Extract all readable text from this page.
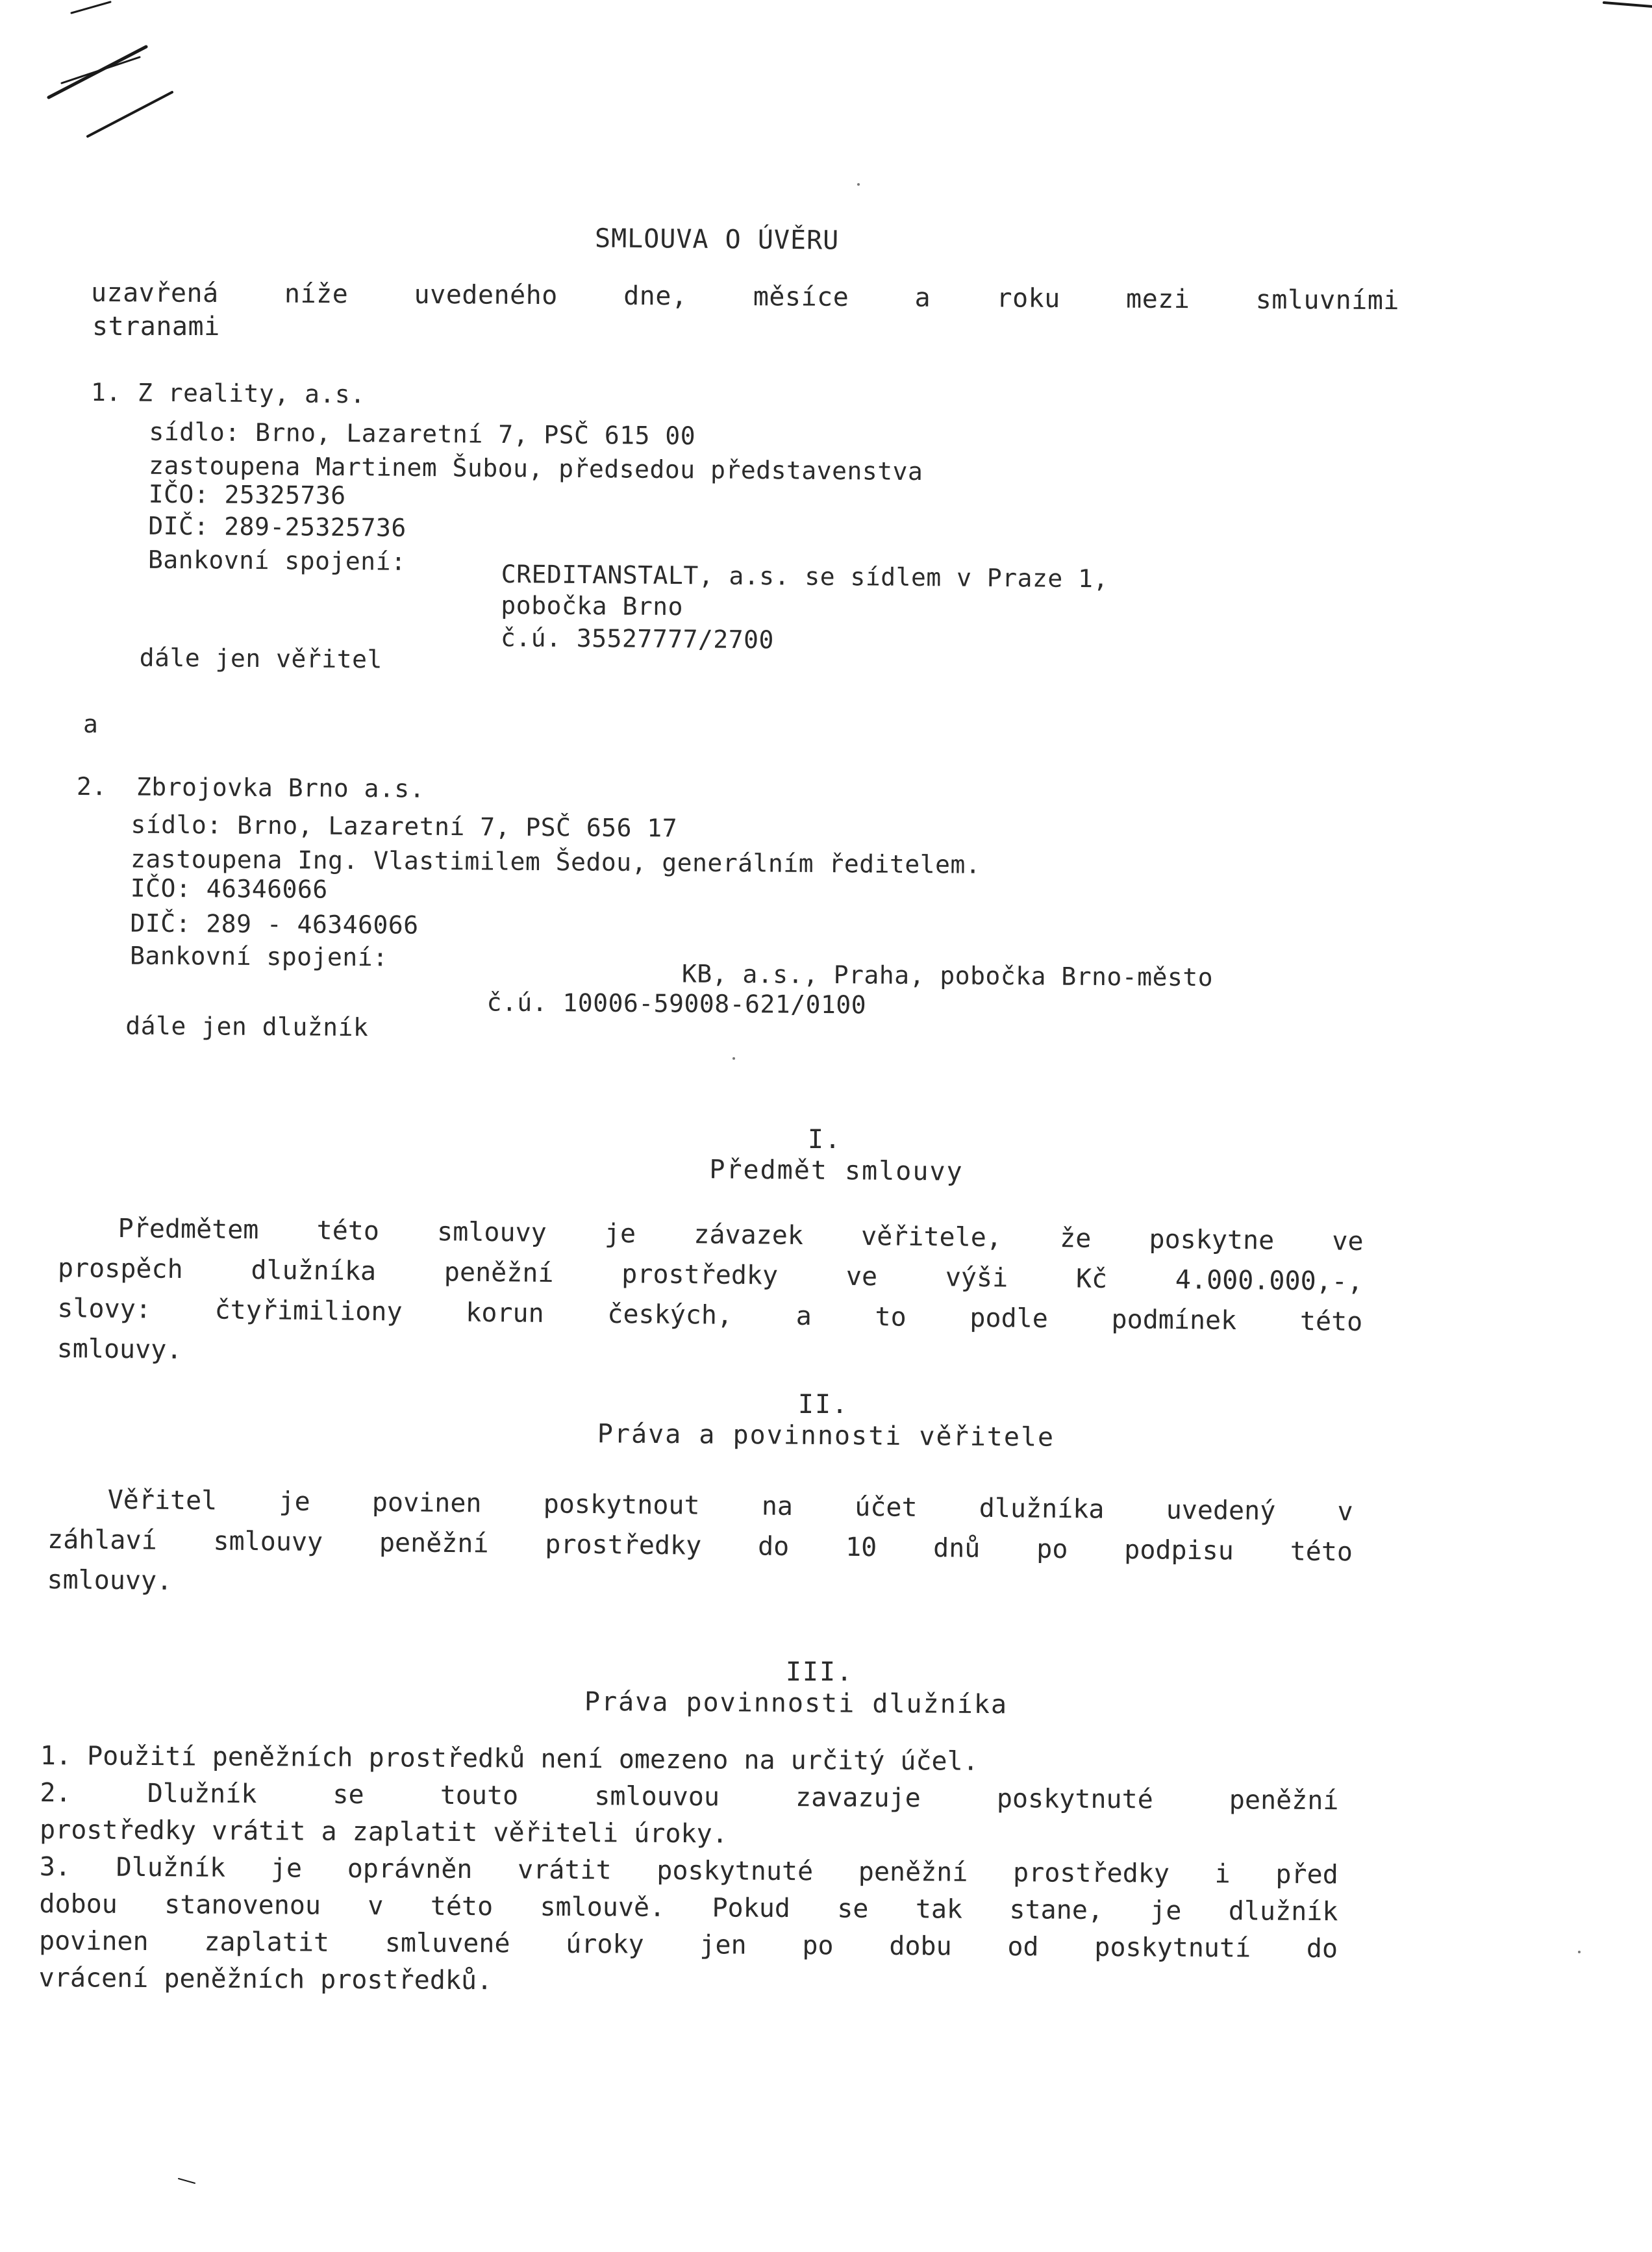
SMLOUVA O ÚVĚRU
uzavřená níže uvedeného dne, měsíce a roku mezi smluvními
stranami
1. Z reality, a.s.
sídlo: Brno, Lazaretní 7, PSČ 615 00
zastoupena Martinem Šubou, předsedou představenstva
IČO: 25325736
DIČ: 289-25325736
Bankovní spojení:	CREDITANSTALT, a.s. se sídlem v Praze 1,
pobočka Brno
č.ú. 35527777/2700
dále jen věřitel
a
2. Zbrojovka Brno a.s.
sídlo: Brno, Lazaretní 7, PSČ 656 17
zastoupena Ing. Vlastimilem Šedou, generálním ředitelem.
IČO: 46346066
DIČ: 289 - 46346066
Bankovní spojení:
KB, a.s., Praha, pobočka Brno-město
č.ú. 10006-59008-621/0100
dále jen dlužník
I.
Předmět smlouvy
Předmětem této smlouvy je závazek věřitele, že poskytne ve
prospěch dlužníka peněžní prostředky ve výši Kč 4.000.000,-,
slovy: čtyřimiliony korun českých, a to podle podmínek této
smlouvy.
II.
Práva a povinnosti věřitele
Věřitel je povinen poskytnout na účet dlužníka uvedený v
záhlaví smlouvy peněžní prostředky do 10 dnů po podpisu této
smlouvy.
III.
Práva povinnosti dlužníka
1. Použití peněžních prostředků není omezeno na určitý účel.
2. Dlužník se touto smlouvou zavazuje poskytnuté peněžní
prostředky vrátit a zaplatit věřiteli úroky.
3. Dlužník je oprávněn vrátit poskytnuté peněžní prostředky i před
dobou stanovenou v této smlouvě. Pokud se tak stane, je dlužník
povinen zaplatit smluvené úroky jen po dobu od poskytnutí do
vrácení peněžních prostředků.
